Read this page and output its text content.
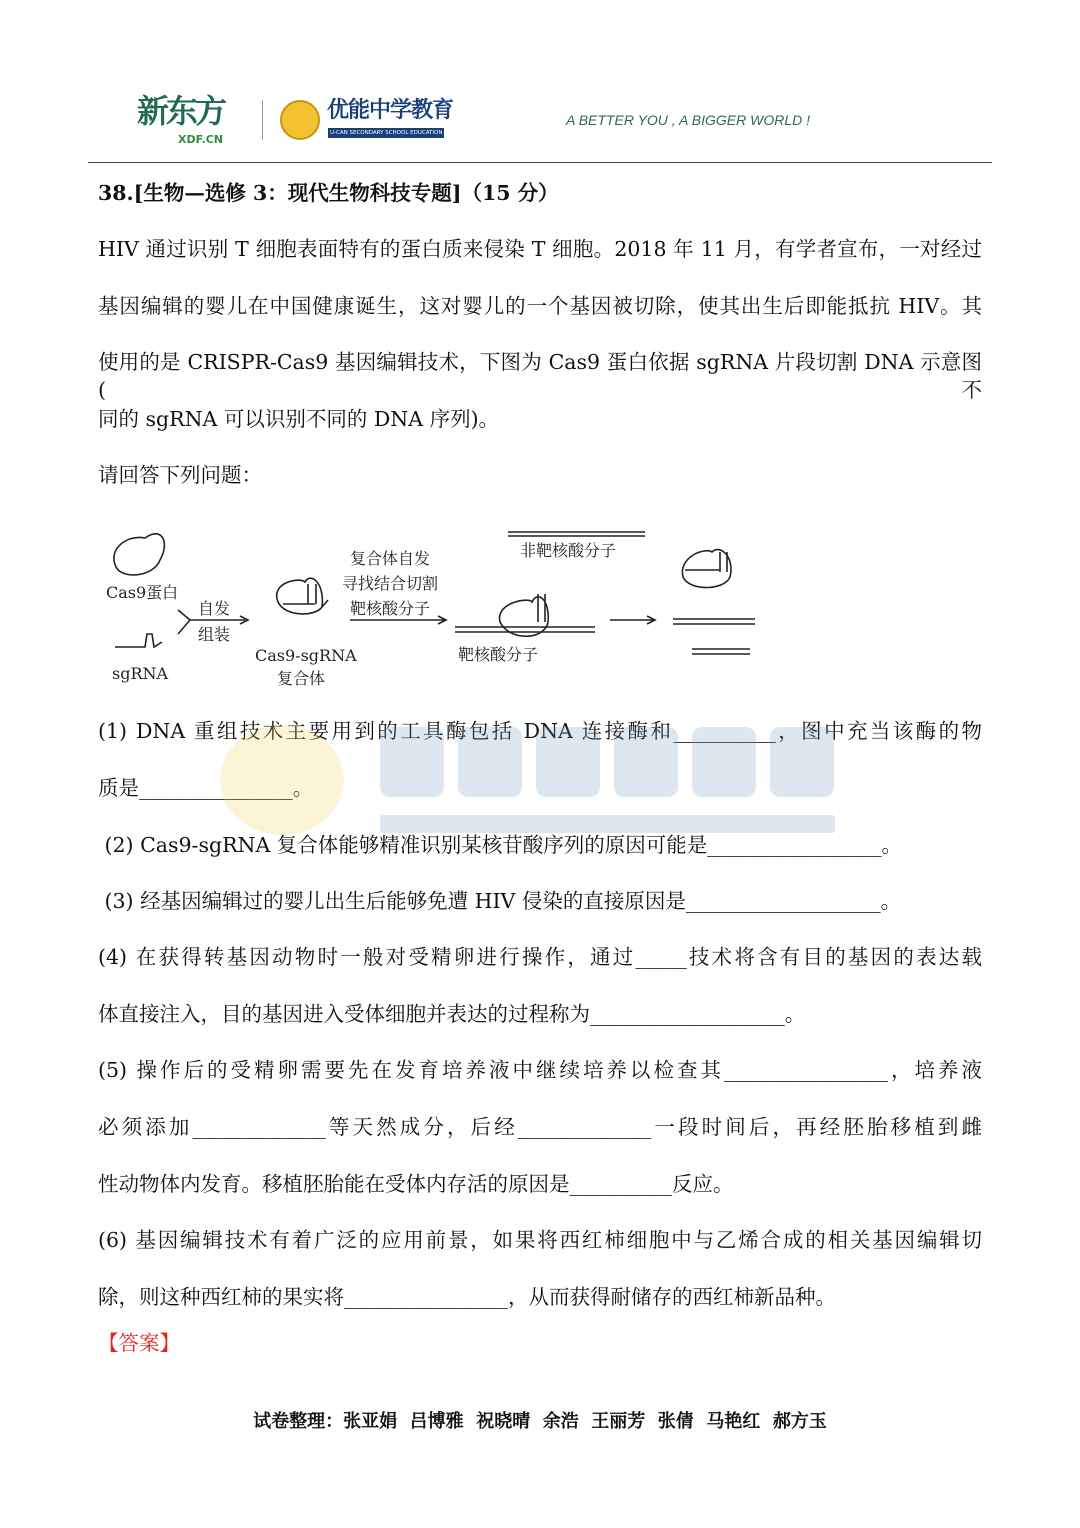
新东方
XDF.CN
优能中学教育
U-CAN SECONDARY SCHOOL EDUCATION
A BETTER YOU , A BIGGER WORLD !
38.[生物—选修 3：现代生物科技专题]（15 分）
HIV 通过识别 T 细胞表面特有的蛋白质来侵染 T 细胞。2018 年 11 月，有学者宣布，一对经过
基因编辑的婴儿在中国健康诞生，这对婴儿的一个基因被切除，使其出生后即能抵抗 HIV。其
使用的是 CRISPR-Cas9 基因编辑技术，下图为 Cas9 蛋白依据 sgRNA 片段切割 DNA 示意图(不
同的 sgRNA 可以识别不同的 DNA 序列)。
请回答下列问题：
(1) DNA 重组技术主要用到的工具酶包括 DNA 连接酶和__________，图中充当该酶的物
质是_______________。
(2) Cas9-sgRNA 复合体能够精准识别某核苷酸序列的原因可能是_________________。
(3) 经基因编辑过的婴儿出生后能够免遭 HIV 侵染的直接原因是___________________。
(4) 在获得转基因动物时一般对受精卵进行操作，通过_____技术将含有目的基因的表达载
体直接注入，目的基因进入受体细胞并表达的过程称为___________________。
(5) 操作后的受精卵需要先在发育培养液中继续培养以检查其________________，培养液
必须添加_____________等天然成分，后经_____________一段时间后，再经胚胎移植到雌
性动物体内发育。移植胚胎能在受体内存活的原因是__________反应。
(6) 基因编辑技术有着广泛的应用前景，如果将西红柿细胞中与乙烯合成的相关基因编辑切
除，则这种西红柿的果实将________________，从而获得耐储存的西红柿新品种。
【答案】
试卷整理：张亚娟  吕博雅  祝晓晴  余浩  王丽芳  张倩  马艳红  郝方玉
Cas9蛋白
sgRNA
自发
组装
Cas9-sgRNA
复合体
复合体自发
寻找结合切割
靶核酸分子
非靶核酸分子
靶核酸分子
